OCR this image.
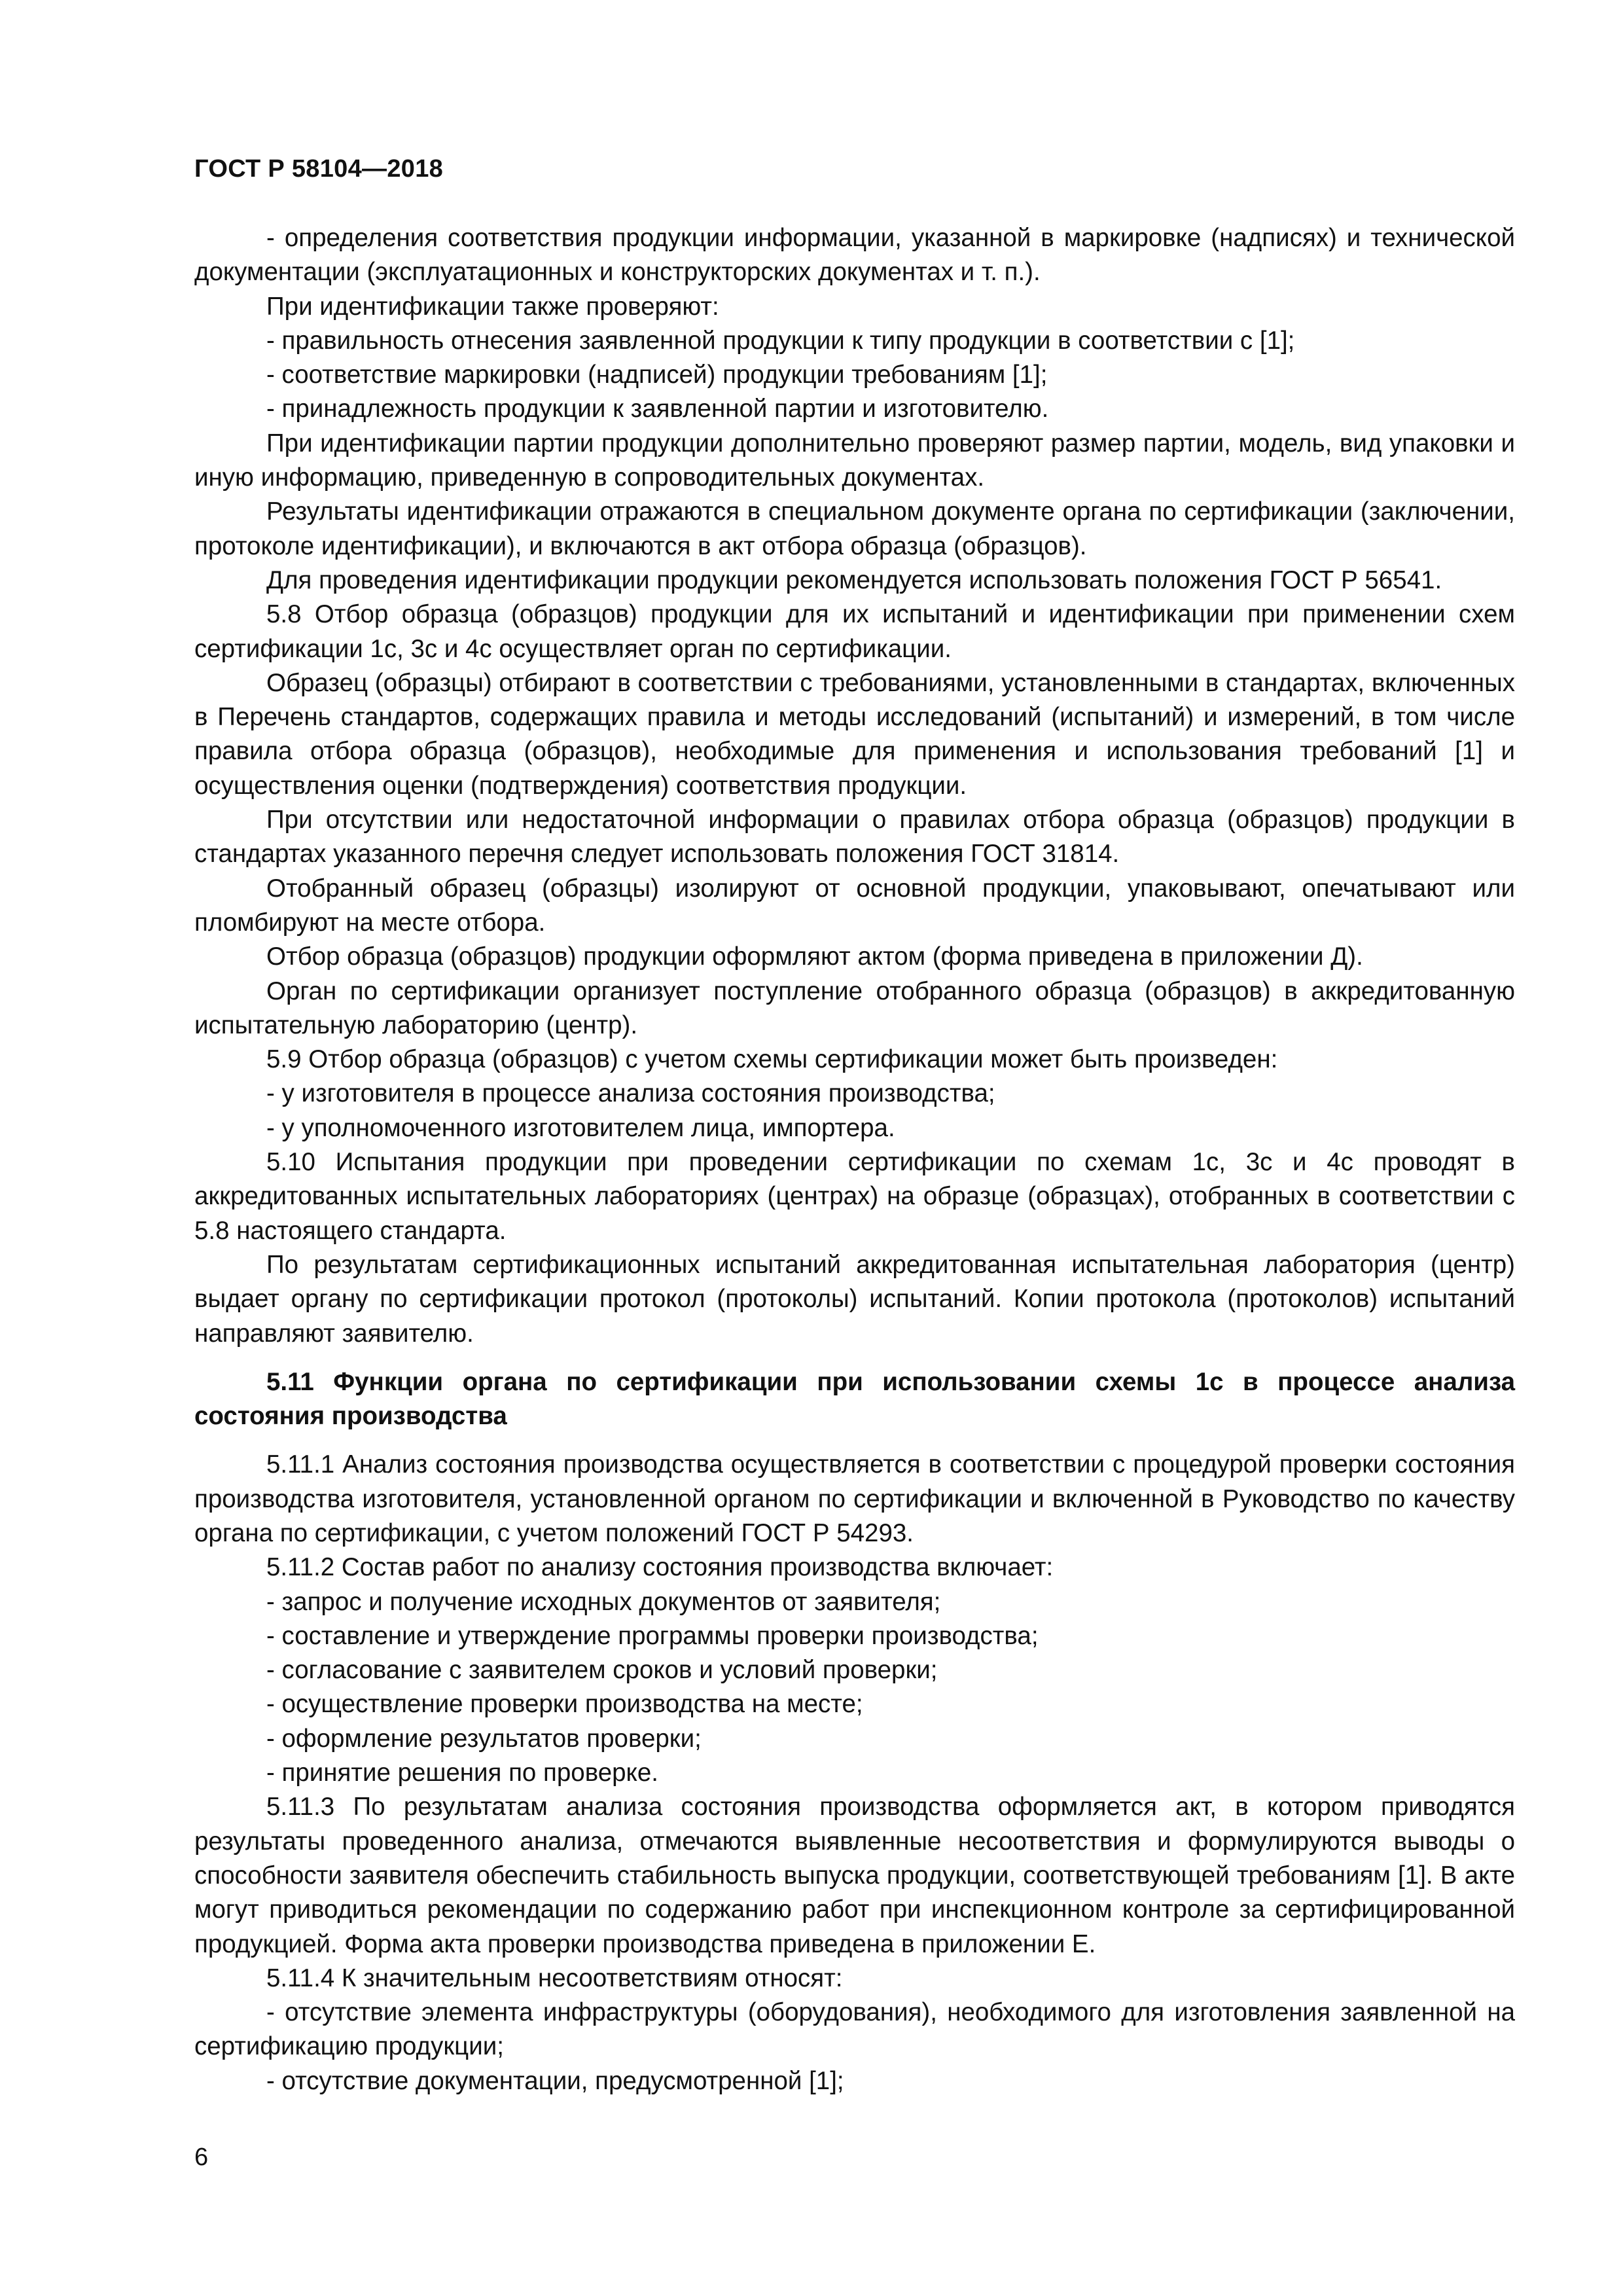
ГОСТ Р 58104—2018

- определения соответствия продукции информации, указанной в маркировке (надписях) и технической документации (эксплуатационных и конструкторских документах и т. п.).

При идентификации также проверяют:

- правильность отнесения заявленной продукции к типу продукции в соответствии с [1];

- соответствие маркировки (надписей) продукции требованиям [1];

- принадлежность продукции к заявленной партии и изготовителю.

При идентификации партии продукции дополнительно проверяют размер партии, модель, вид упаковки и иную информацию, приведенную в сопроводительных документах.

Результаты идентификации отражаются в специальном документе органа по сертификации (заключении, протоколе идентификации), и включаются в акт отбора образца (образцов).

Для проведения идентификации продукции рекомендуется использовать положения ГОСТ Р 56541.

5.8 Отбор образца (образцов) продукции для их испытаний и идентификации при применении схем сертификации 1с, 3с и 4с осуществляет орган по сертификации.

Образец (образцы) отбирают в соответствии с требованиями, установленными в стандартах, включенных в Перечень стандартов, содержащих правила и методы исследований (испытаний) и измерений, в том числе правила отбора образца (образцов), необходимые для применения и использования требований [1] и осуществления оценки (подтверждения) соответствия продукции.

При отсутствии или недостаточной информации о правилах отбора образца (образцов) продукции в стандартах указанного перечня следует использовать положения ГОСТ 31814.

Отобранный образец (образцы) изолируют от основной продукции, упаковывают, опечатывают или пломбируют на месте отбора.

Отбор образца (образцов) продукции оформляют актом (форма приведена в приложении Д).

Орган по сертификации организует поступление отобранного образца (образцов) в аккредитованную испытательную лабораторию (центр).

5.9 Отбор образца (образцов) с учетом схемы сертификации может быть произведен:

- у изготовителя в процессе анализа состояния производства;

- у уполномоченного изготовителем лица, импортера.

5.10 Испытания продукции при проведении сертификации по схемам 1с, 3с и 4с проводят в аккредитованных испытательных лабораториях (центрах) на образце (образцах), отобранных в соответствии с 5.8 настоящего стандарта.

По результатам сертификационных испытаний аккредитованная испытательная лаборатория (центр) выдает органу по сертификации протокол (протоколы) испытаний. Копии протокола (протоколов) испытаний направляют заявителю.

5.11 Функции органа по сертификации при использовании схемы 1с в процессе анализа состояния производства

5.11.1 Анализ состояния производства осуществляется в соответствии с процедурой проверки состояния производства изготовителя, установленной органом по сертификации и включенной в Руководство по качеству органа по сертификации, с учетом положений ГОСТ Р 54293.

5.11.2 Состав работ по анализу состояния производства включает:

- запрос и получение исходных документов от заявителя;

- составление и утверждение программы проверки производства;

- согласование с заявителем сроков и условий проверки;

- осуществление проверки производства на месте;

- оформление результатов проверки;

- принятие решения по проверке.

5.11.3 По результатам анализа состояния производства оформляется акт, в котором приводятся результаты проведенного анализа, отмечаются выявленные несоответствия и формулируются выводы о способности заявителя обеспечить стабильность выпуска продукции, соответствующей требованиям [1]. В акте могут приводиться рекомендации по содержанию работ при инспекционном контроле за сертифицированной продукцией. Форма акта проверки производства приведена в приложении Е.

5.11.4 К значительным несоответствиям относят:

- отсутствие элемента инфраструктуры (оборудования), необходимого для изготовления заявленной на сертификацию продукции;

- отсутствие документации, предусмотренной [1];

6
